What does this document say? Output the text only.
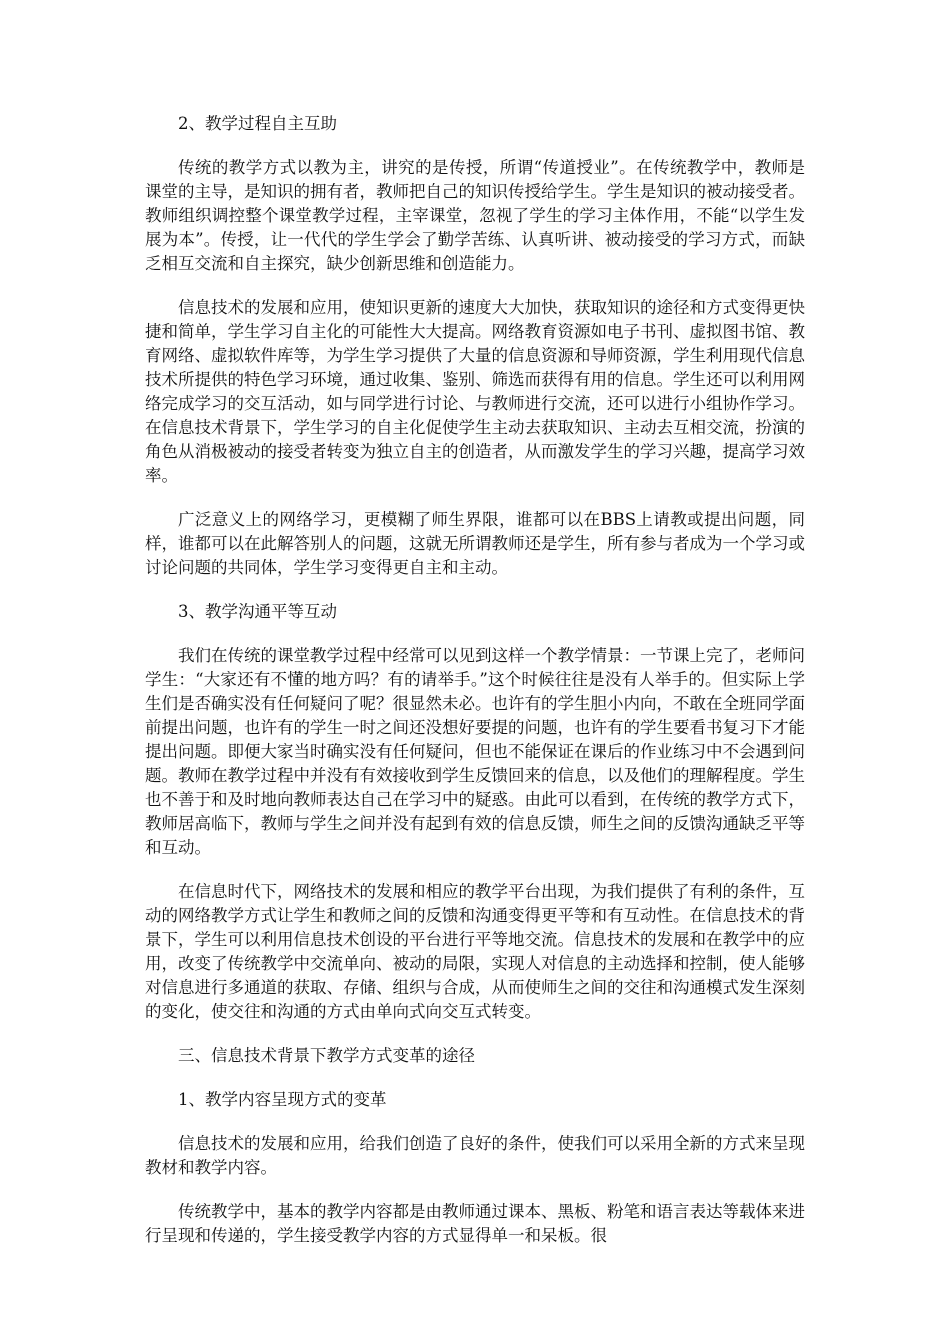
2、教学过程自主互助

传统的教学方式以教为主，讲究的是传授，所谓“传道授业”。在传统教学中，教师是课堂的主导，是知识的拥有者，教师把自己的知识传授给学生。学生是知识的被动接受者。教师组织调控整个课堂教学过程，主宰课堂，忽视了学生的学习主体作用，不能“以学生发展为本”。传授，让一代代的学生学会了勤学苦练、认真听讲、被动接受的学习方式，而缺乏相互交流和自主探究，缺少创新思维和创造能力。

信息技术的发展和应用，使知识更新的速度大大加快，获取知识的途径和方式变得更快捷和简单，学生学习自主化的可能性大大提高。网络教育资源如电子书刊、虚拟图书馆、教育网络、虚拟软件库等，为学生学习提供了大量的信息资源和导师资源，学生利用现代信息技术所提供的特色学习环境，通过收集、鉴别、筛选而获得有用的信息。学生还可以利用网络完成学习的交互活动，如与同学进行讨论、与教师进行交流，还可以进行小组协作学习。在信息技术背景下，学生学习的自主化促使学生主动去获取知识、主动去互相交流，扮演的角色从消极被动的接受者转变为独立自主的创造者，从而激发学生的学习兴趣，提高学习效率。

广泛意义上的网络学习，更模糊了师生界限，谁都可以在BBS上请教或提出问题，同样，谁都可以在此解答别人的问题，这就无所谓教师还是学生，所有参与者成为一个学习或讨论问题的共同体，学生学习变得更自主和主动。

3、教学沟通平等互动

我们在传统的课堂教学过程中经常可以见到这样一个教学情景：一节课上完了，老师问学生：“大家还有不懂的地方吗？有的请举手。”这个时候往往是没有人举手的。但实际上学生们是否确实没有任何疑问了呢？很显然未必。也许有的学生胆小内向，不敢在全班同学面前提出问题，也许有的学生一时之间还没想好要提的问题，也许有的学生要看书复习下才能提出问题。即便大家当时确实没有任何疑问，但也不能保证在课后的作业练习中不会遇到问题。教师在教学过程中并没有有效接收到学生反馈回来的信息，以及他们的理解程度。学生也不善于和及时地向教师表达自己在学习中的疑惑。由此可以看到，在传统的教学方式下，教师居高临下，教师与学生之间并没有起到有效的信息反馈，师生之间的反馈沟通缺乏平等和互动。

在信息时代下，网络技术的发展和相应的教学平台出现，为我们提供了有利的条件，互动的网络教学方式让学生和教师之间的反馈和沟通变得更平等和有互动性。在信息技术的背景下，学生可以利用信息技术创设的平台进行平等地交流。信息技术的发展和在教学中的应用，改变了传统教学中交流单向、被动的局限，实现人对信息的主动选择和控制，使人能够对信息进行多通道的获取、存储、组织与合成，从而使师生之间的交往和沟通模式发生深刻的变化，使交往和沟通的方式由单向式向交互式转变。

三、信息技术背景下教学方式变革的途径

1、教学内容呈现方式的变革

信息技术的发展和应用，给我们创造了良好的条件，使我们可以采用全新的方式来呈现教材和教学内容。

传统教学中，基本的教学内容都是由教师通过课本、黑板、粉笔和语言表达等载体来进行呈现和传递的，学生接受教学内容的方式显得单一和呆板。很
